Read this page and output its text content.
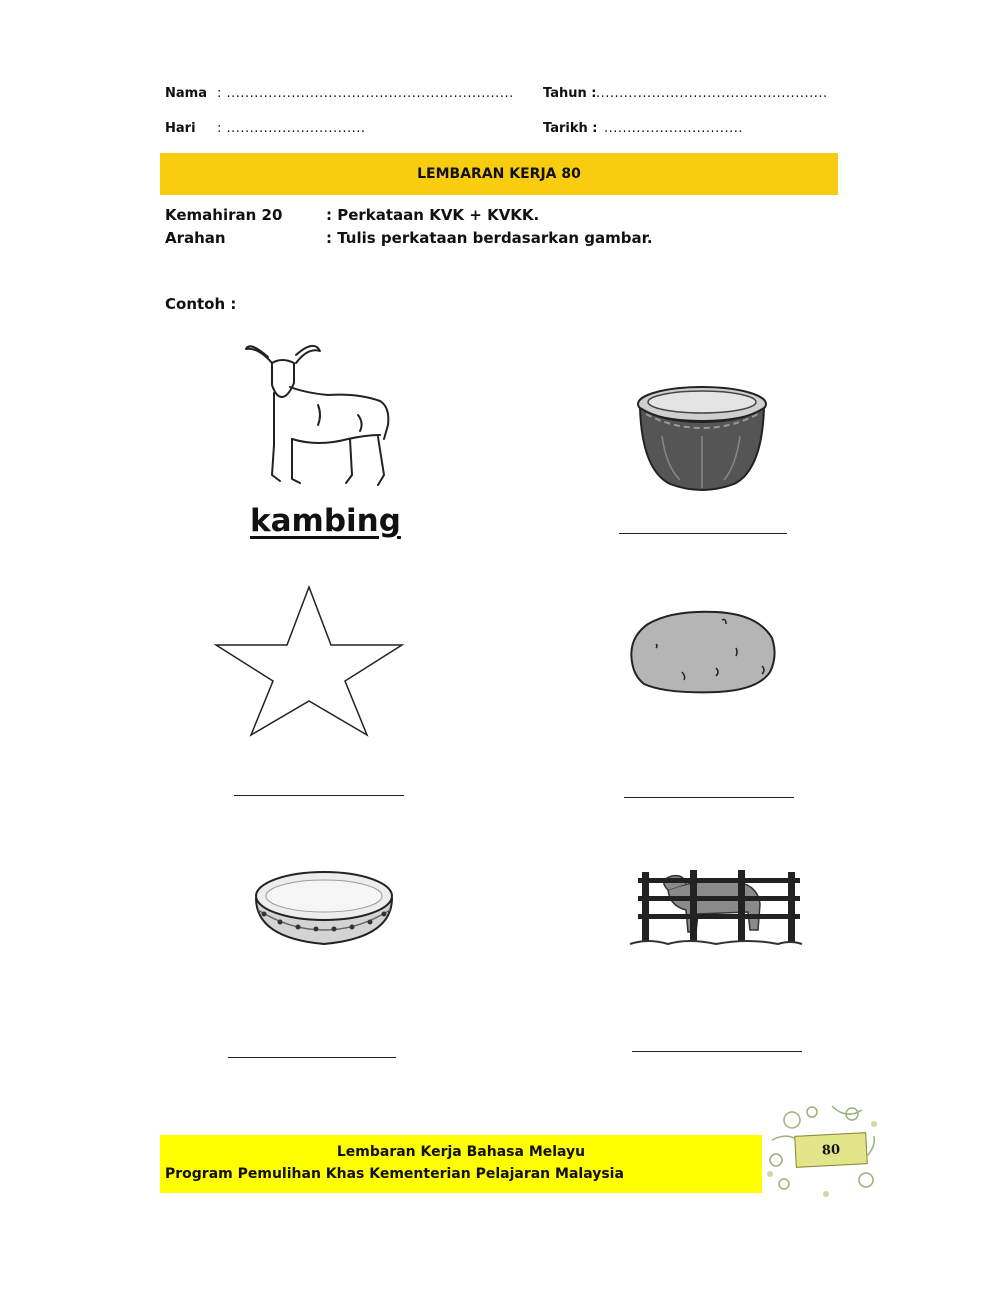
Nama : .............................................................. Tahun : ..................................................
Hari : ..............................	Tarikh : ..............................
LEMBARAN KERJA 80
Kemahiran 20	: Perkataan KVK + KVKK.
Arahan	: Tulis perkataan berdasarkan gambar.
Contoh :
kambing
Lembaran Kerja Bahasa Melayu
Program Pemulihan Khas Kementerian Pelajaran Malaysia
80
